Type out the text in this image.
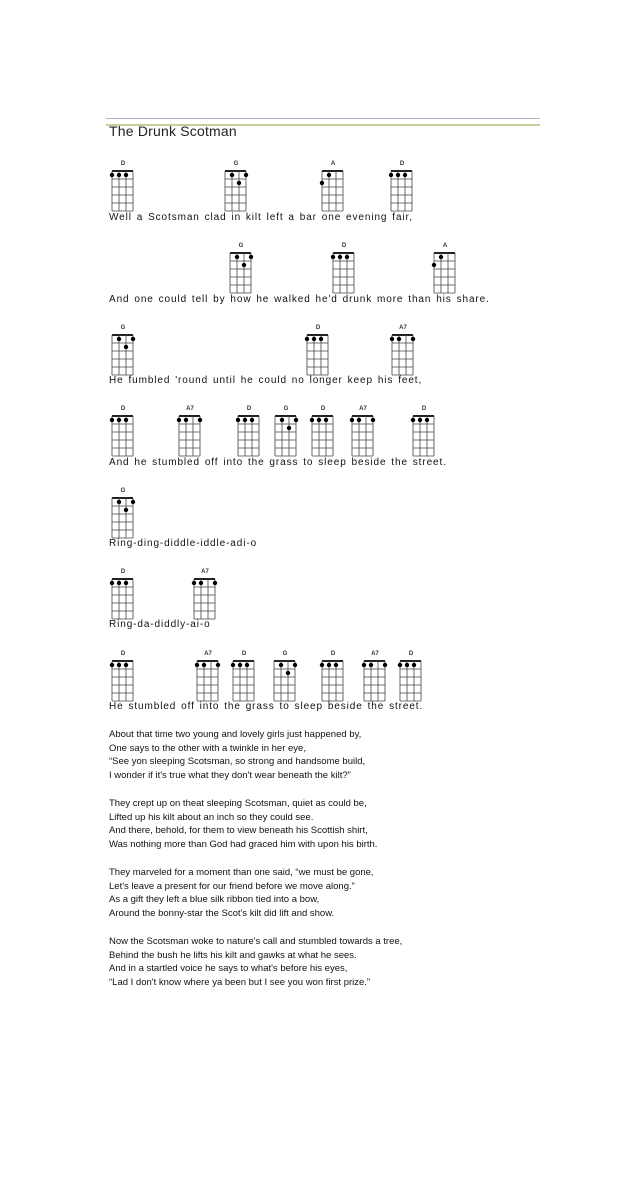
The Drunk Scotman
D	G	A	D
Well a Scotsman clad in kilt left a bar one evening fair,
G	D	A
And one could tell by how he walked he'd drunk more than his share.
G	D	A7
He fumbled 'round until he could no longer keep his feet,
D	A7	D	G	D	A7	D
And he stumbled off into the grass to sleep beside the street.
G
Ring-ding-diddle-iddle-adi-o
D	A7
Ring-da-diddly-ai-o
D	A7	D	G	D	A7	D
He stumbled off into the grass to sleep beside the street.
About that time two young and lovely girls just happened by,
One says to the other with a twinkle in her eye,
“See yon sleeping Scotsman, so strong and handsome build,
I wonder if it's true what they don't wear beneath the kilt?”
They crept up on theat sleeping Scotsman, quiet as could be,
Lifted up his kilt about an inch so they could see.
And there, behold, for them to view beneath his Scottish shirt,
Was nothing more than God had graced him with upon his birth.
They marveled for a moment than one said, “we must be gone,
Let's leave a present for our friend before we move along.”
As a gift they left a blue silk ribbon tied into a bow,
Around the bonny-star the Scot's kilt did lift and show.
Now the Scotsman woke to nature's call and stumbled towards a tree,
Behind the bush he lifts his kilt and gawks at what he sees.
And in a startled voice he says to what's before his eyes,
“Lad I don't know where ya been but I see you won first prize.”
